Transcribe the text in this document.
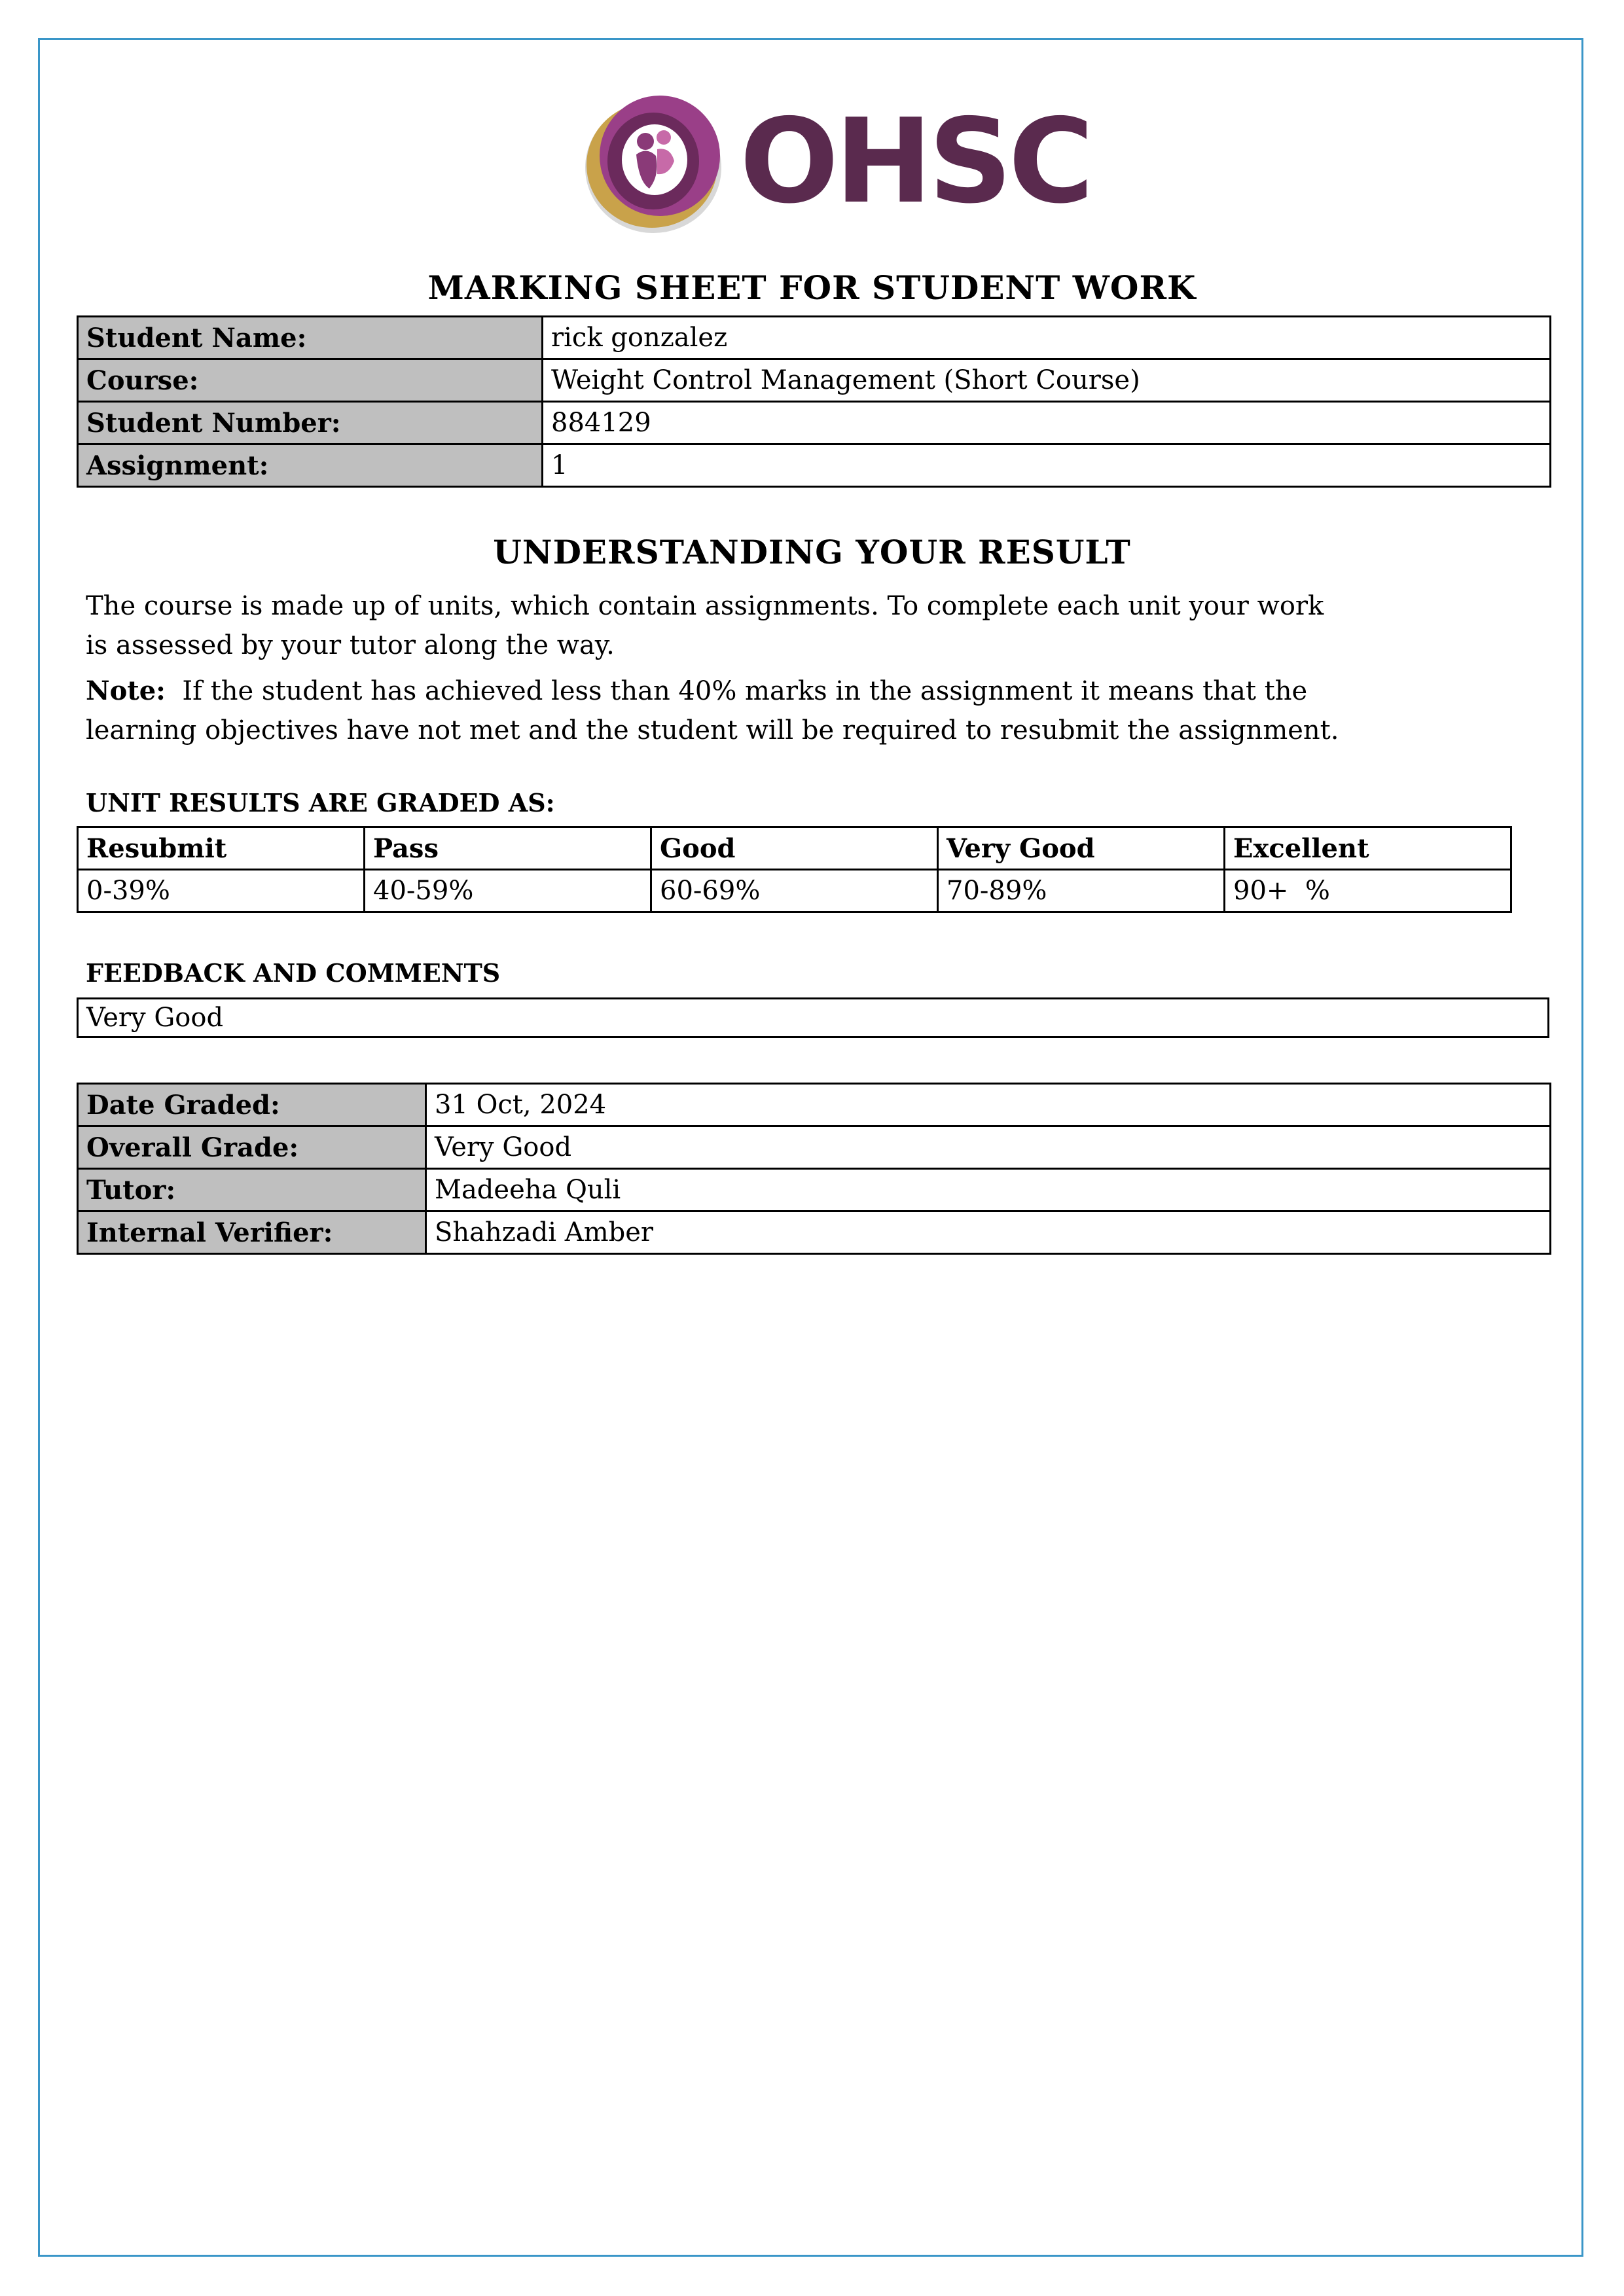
OHSC
MARKING SHEET FOR STUDENT WORK
Student Name:	rick gonzalez
Course:	Weight Control Management (Short Course)
Student Number:	884129
Assignment:	1
UNDERSTANDING YOUR RESULT

The course is made up of units, which contain assignments. To complete each unit your work
is assessed by your tutor along the way.

Note: If the student has achieved less than 40% marks in the assignment it means that the
learning objectives have not met and the student will be required to resubmit the assignment.

UNIT RESULTS ARE GRADED AS:

Resubmit	Pass	Good	Very Good	Excellent
0-39%	40-59%	60-69%	70-89%	90+  %

FEEDBACK AND COMMENTS

Very Good
Date Graded:	31 Oct, 2024
Overall Grade:	Very Good
Tutor:	Madeeha Quli
Internal Verifier:	Shahzadi Amber
